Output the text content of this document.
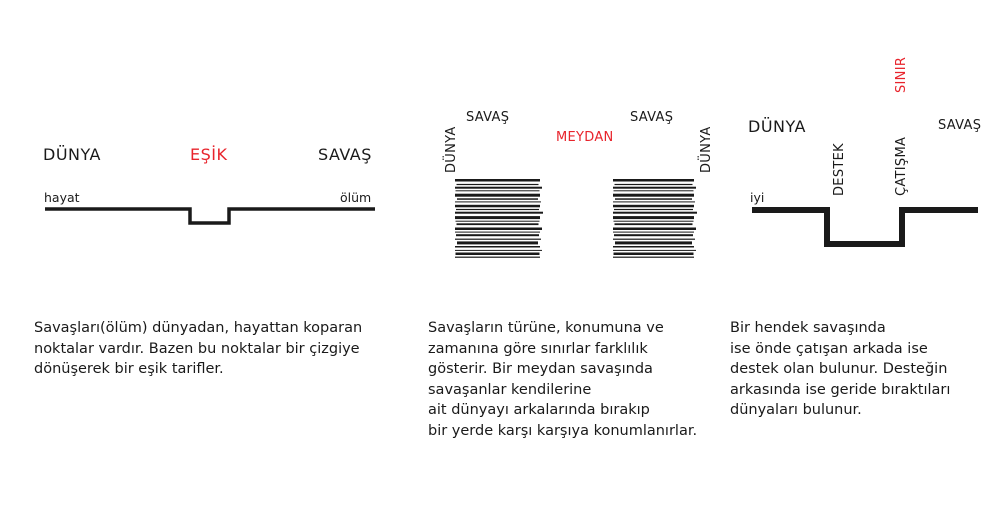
DÜNYA	EŞİK	SAVAŞ
hayat	ölüm
SAVAŞ
MEYDAN
SAVAŞ
DÜNYA	DÜNYA DÜNYA
SINIR
SAVAŞ
DESTEK	ÇATIŞMA
iyi
Savaşları(ölüm) dünyadan, hayattan koparan
noktalar vardır. Bazen bu noktalar bir çizgiye
dönüşerek bir eşik tarifler.
Savaşların türüne, konumuna ve
zamanına göre sınırlar farklılık
gösterir. Bir meydan savaşında
savaşanlar kendilerine
ait dünyayı arkalarında bırakıp
bir yerde karşı karşıya konumlanırlar.
Bir hendek savaşında
ise önde çatışan arkada ise
destek olan bulunur. Desteğin
arkasında ise geride bıraktıları
dünyaları bulunur.
